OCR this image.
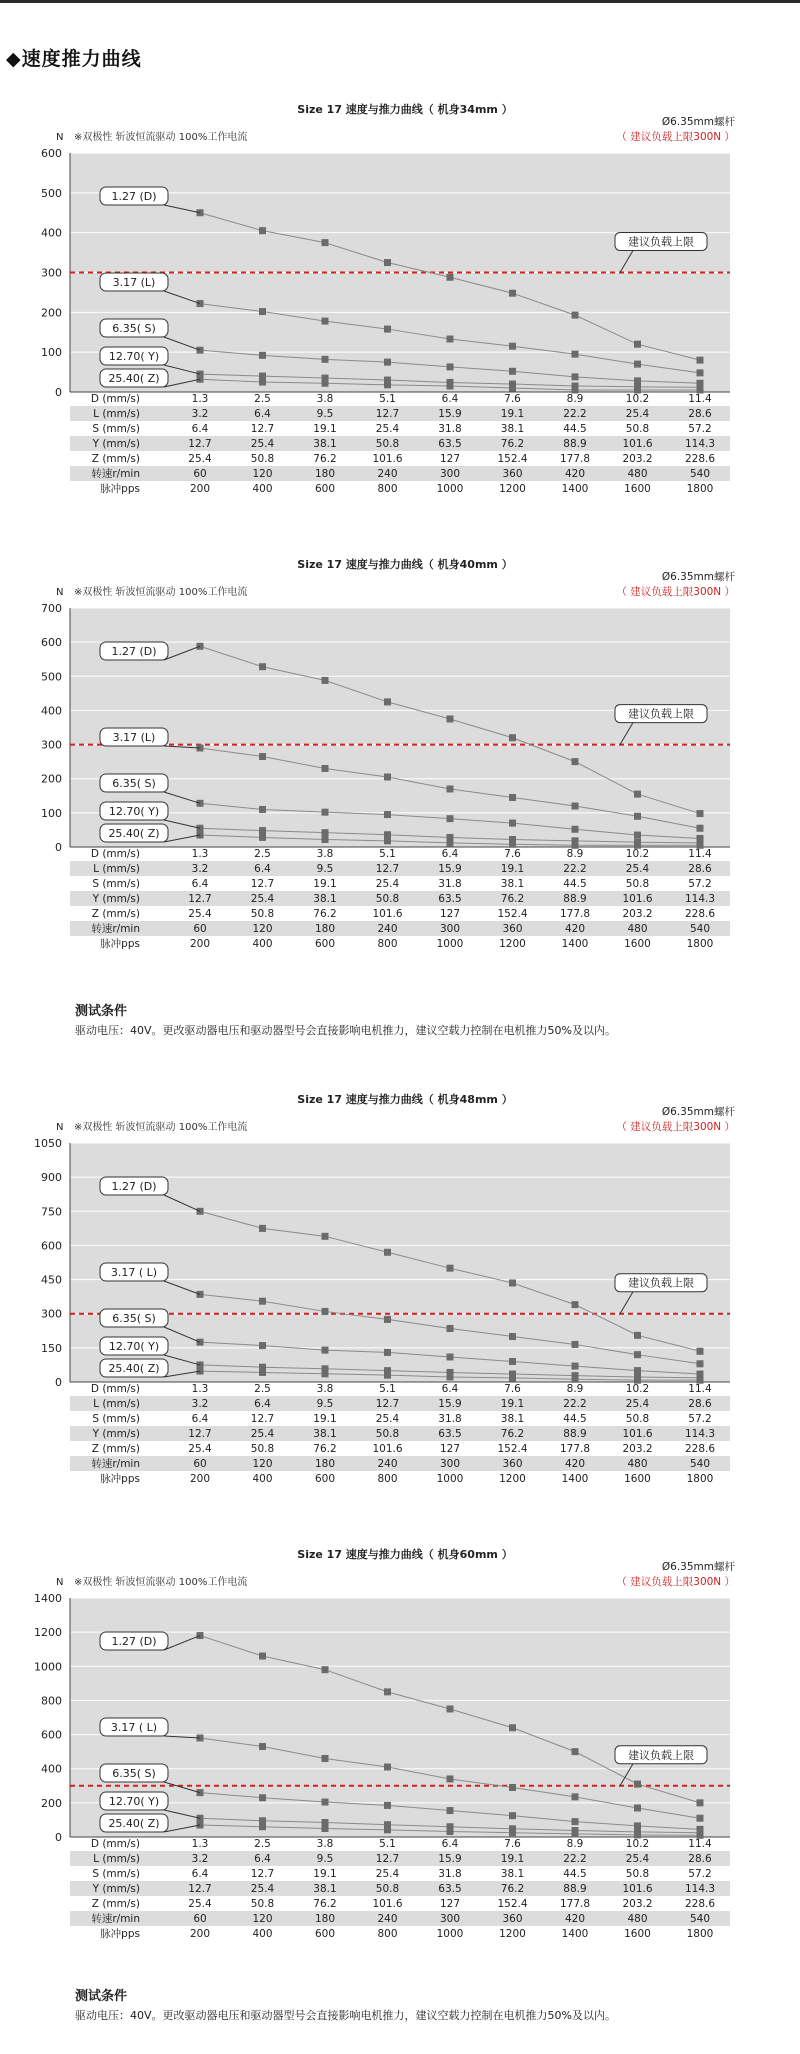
◆速度推力曲线
Size 17 速度与推力曲线（ 机身34mm ）
Ø6.35mm螺杆
（ 建议负载上限300N ）
N ※双极性 斩波恒流驱动 100%工作电流
0
100
200
300
400
500
600
1.27 (D)
3.17 (L)
6.35( S)
12.70( Y)
25.40( Z)
建议负载上限
D (mm/s)	1.3	2.5	3.8	5.1	6.4	7.6	8.9	10.2	11.4
L (mm/s)	3.2	6.4	9.5	12.7	15.9	19.1	22.2	25.4	28.6
S (mm/s)	6.4	12.7	19.1	25.4	31.8	38.1	44.5	50.8	57.2
Y (mm/s)	12.7	25.4	38.1	50.8	63.5	76.2	88.9	101.6	114.3
Z (mm/s)	25.4	50.8	76.2	101.6	127	152.4	177.8	203.2	228.6
转速r/min	60	120	180	240	300	360	420	480	540
脉冲pps	200	400	600	800	1000	1200	1400	1600	1800
Size 17 速度与推力曲线（ 机身40mm ）
Ø6.35mm螺杆
（ 建议负载上限300N ）
N ※双极性 斩波恒流驱动 100%工作电流
0
100
200
300
400
500
600
700
1.27 (D)
3.17 (L)
6.35( S)
12.70( Y)
25.40( Z)
建议负载上限
D (mm/s)	1.3	2.5	3.8	5.1	6.4	7.6	8.9	10.2	11.4
L (mm/s)	3.2	6.4	9.5	12.7	15.9	19.1	22.2	25.4	28.6
S (mm/s)	6.4	12.7	19.1	25.4	31.8	38.1	44.5	50.8	57.2
Y (mm/s)	12.7	25.4	38.1	50.8	63.5	76.2	88.9	101.6	114.3
Z (mm/s)	25.4	50.8	76.2	101.6	127	152.4	177.8	203.2	228.6
转速r/min	60	120	180	240	300	360	420	480	540
脉冲pps	200	400	600	800	1000	1200	1400	1600	1800
测试条件
驱动电压：40V。更改驱动器电压和驱动器型号会直接影响电机推力，建议空载力控制在电机推力50%及以内。
Size 17 速度与推力曲线（ 机身48mm ）
Ø6.35mm螺杆
（ 建议负载上限300N ）
N ※双极性 斩波恒流驱动 100%工作电流
0
150
300
450
600
750
900
1050
1.27 (D)
3.17 ( L)
6.35( S)
12.70( Y)
25.40( Z)
建议负载上限
D (mm/s)	1.3	2.5	3.8	5.1	6.4	7.6	8.9	10.2	11.4
L (mm/s)	3.2	6.4	9.5	12.7	15.9	19.1	22.2	25.4	28.6
S (mm/s)	6.4	12.7	19.1	25.4	31.8	38.1	44.5	50.8	57.2
Y (mm/s)	12.7	25.4	38.1	50.8	63.5	76.2	88.9	101.6	114.3
Z (mm/s)	25.4	50.8	76.2	101.6	127	152.4	177.8	203.2	228.6
转速r/min	60	120	180	240	300	360	420	480	540
脉冲pps	200	400	600	800	1000	1200	1400	1600	1800
Size 17 速度与推力曲线（ 机身60mm ）
Ø6.35mm螺杆
（ 建议负载上限300N ）
N ※双极性 斩波恒流驱动 100%工作电流
0
200
400
600
800
1000
1200
1400
1.27 (D)
3.17 ( L)
6.35( S)
12.70( Y)
25.40( Z)
建议负载上限
D (mm/s)	1.3	2.5	3.8	5.1	6.4	7.6	8.9	10.2	11.4
L (mm/s)	3.2	6.4	9.5	12.7	15.9	19.1	22.2	25.4	28.6
S (mm/s)	6.4	12.7	19.1	25.4	31.8	38.1	44.5	50.8	57.2
Y (mm/s)	12.7	25.4	38.1	50.8	63.5	76.2	88.9	101.6	114.3
Z (mm/s)	25.4	50.8	76.2	101.6	127	152.4	177.8	203.2	228.6
转速r/min	60	120	180	240	300	360	420	480	540
脉冲pps	200	400	600	800	1000	1200	1400	1600	1800
测试条件
驱动电压：40V。更改驱动器电压和驱动器型号会直接影响电机推力，建议空载力控制在电机推力50%及以内。
